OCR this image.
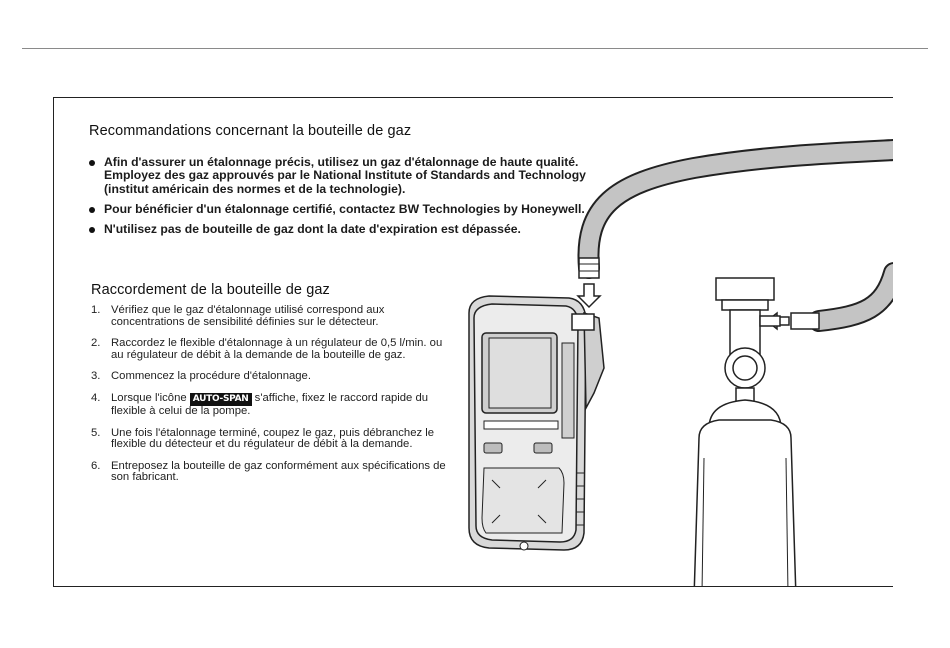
Recommandations concernant la bouteille de gaz
Afin d'assurer un étalonnage précis, utilisez un gaz d'étalonnage de haute qualité. Employez des gaz approuvés par le National Institute of Standards and Technology (institut américain des normes et de la technologie).
Pour bénéficier d'un étalonnage certifié, contactez BW Technologies by Honeywell.
N'utilisez pas de bouteille de gaz dont la date d'expiration est dépassée.
Raccordement de la bouteille de gaz
1. Vérifiez que le gaz d'étalonnage utilisé correspond aux concentrations de sensibilité définies sur le détecteur.
2. Raccordez le flexible d'étalonnage à un régulateur de 0,5 l/min. ou au régulateur de débit à la demande de la bouteille de gaz.
3. Commencez la procédure d'étalonnage.
4. Lorsque l'icône AUTO-SPAN s'affiche, fixez le raccord rapide du flexible à celui de la pompe.
5. Une fois l'étalonnage terminé, coupez le gaz, puis débranchez le flexible du détecteur et du régulateur de débit à la demande.
6. Entreposez la bouteille de gaz conformément aux spécifications de son fabricant.
